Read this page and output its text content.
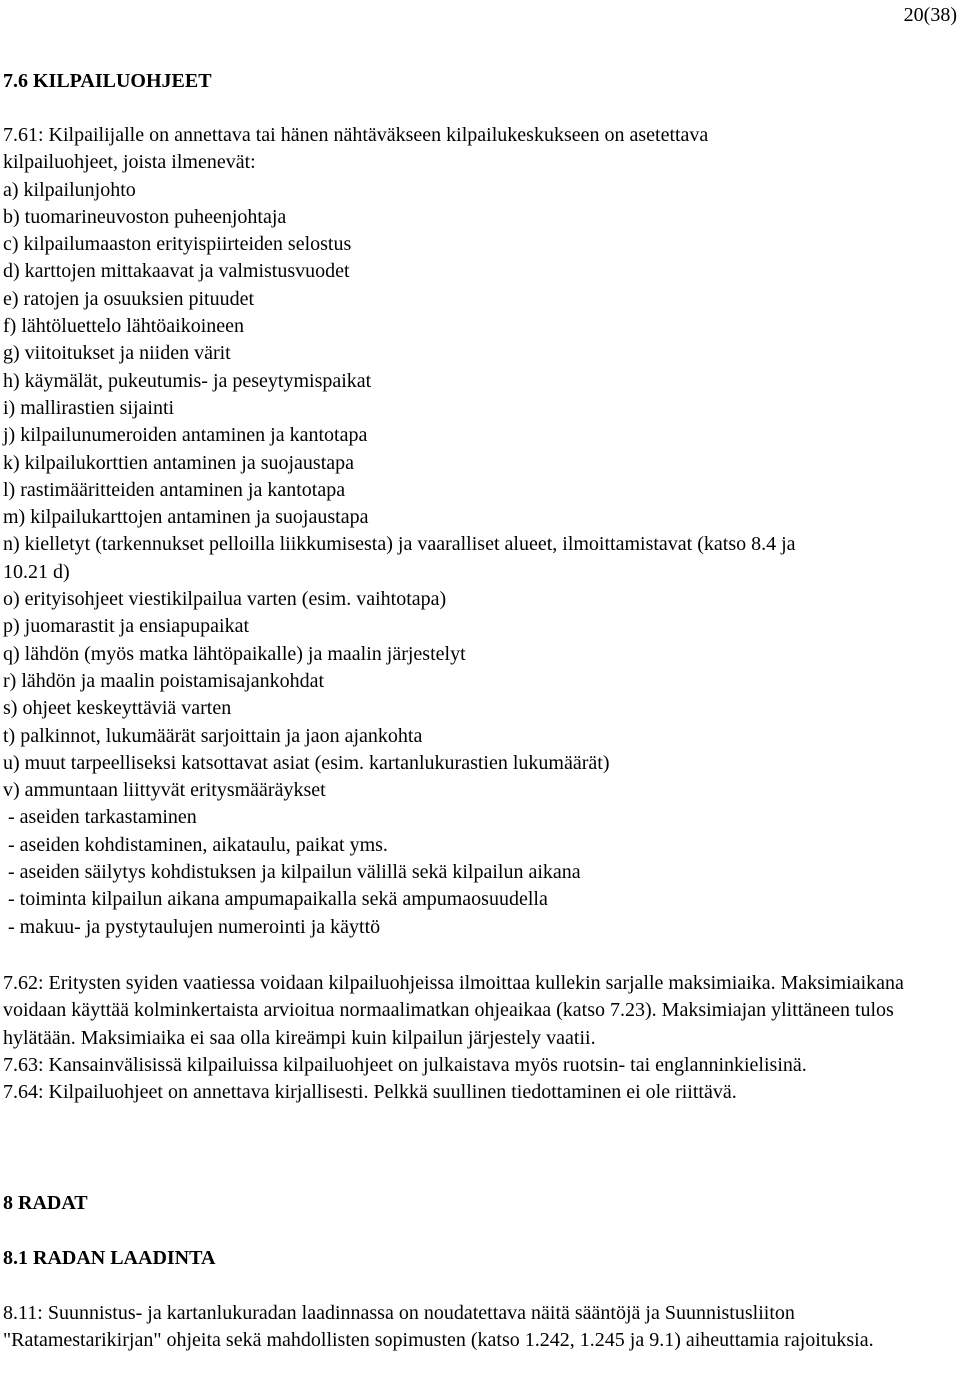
20(38)
7.6 KILPAILUOHJEET
7.61: Kilpailijalle on annettava tai hänen nähtäväkseen kilpailukeskukseen on asetettava
kilpailuohjeet, joista ilmenevät:
a) kilpailunjohto
b) tuomarineuvoston puheenjohtaja
c) kilpailumaaston erityispiirteiden selostus
d) karttojen mittakaavat ja valmistusvuodet
e) ratojen ja osuuksien pituudet
f) lähtöluettelo lähtöaikoineen
g) viitoitukset ja niiden värit
h) käymälät, pukeutumis- ja peseytymispaikat
i) mallirastien sijainti
j) kilpailunumeroiden antaminen ja kantotapa
k) kilpailukorttien antaminen ja suojaustapa
l) rastimääritteiden antaminen ja kantotapa
m) kilpailukarttojen antaminen ja suojaustapa
n) kielletyt (tarkennukset pelloilla liikkumisesta) ja vaaralliset alueet, ilmoittamistavat (katso 8.4 ja
10.21 d)
o) erityisohjeet viestikilpailua varten (esim. vaihtotapa)
p) juomarastit ja ensiapupaikat
q) lähdön (myös matka lähtöpaikalle) ja maalin järjestelyt
r) lähdön ja maalin poistamisajankohdat
s) ohjeet keskeyttäviä varten
t) palkinnot, lukumäärät sarjoittain ja jaon ajankohta
u) muut tarpeelliseksi katsottavat asiat (esim. kartanlukurastien lukumäärät)
v) ammuntaan liittyvät eritysmääräykset
- aseiden tarkastaminen
- aseiden kohdistaminen, aikataulu, paikat yms.
- aseiden säilytys kohdistuksen ja kilpailun välillä sekä kilpailun aikana
- toiminta kilpailun aikana ampumapaikalla sekä ampumaosuudella
- makuu- ja pystytaulujen numerointi ja käyttö
7.62: Eritysten syiden vaatiessa voidaan kilpailuohjeissa ilmoittaa kullekin sarjalle maksimiaika. Maksimiaikana voidaan käyttää kolminkertaista arvioitua normaalimatkan ohjeaikaa (katso 7.23). Maksimiajan ylittäneen tulos hylätään. Maksimiaika ei saa olla kireämpi kuin kilpailun järjestely vaatii.
7.63: Kansainvälisissä kilpailuissa kilpailuohjeet on julkaistava myös ruotsin- tai englanninkielisinä.
7.64: Kilpailuohjeet on annettava kirjallisesti. Pelkkä suullinen tiedottaminen ei ole riittävä.
8 RADAT
8.1 RADAN LAADINTA
8.11: Suunnistus- ja kartanlukuradan laadinnassa on noudatettava näitä sääntöjä ja Suunnistusliiton "Ratamestarikirjan" ohjeita sekä mahdollisten sopimusten (katso 1.242, 1.245 ja 9.1) aiheuttamia rajoituksia.
